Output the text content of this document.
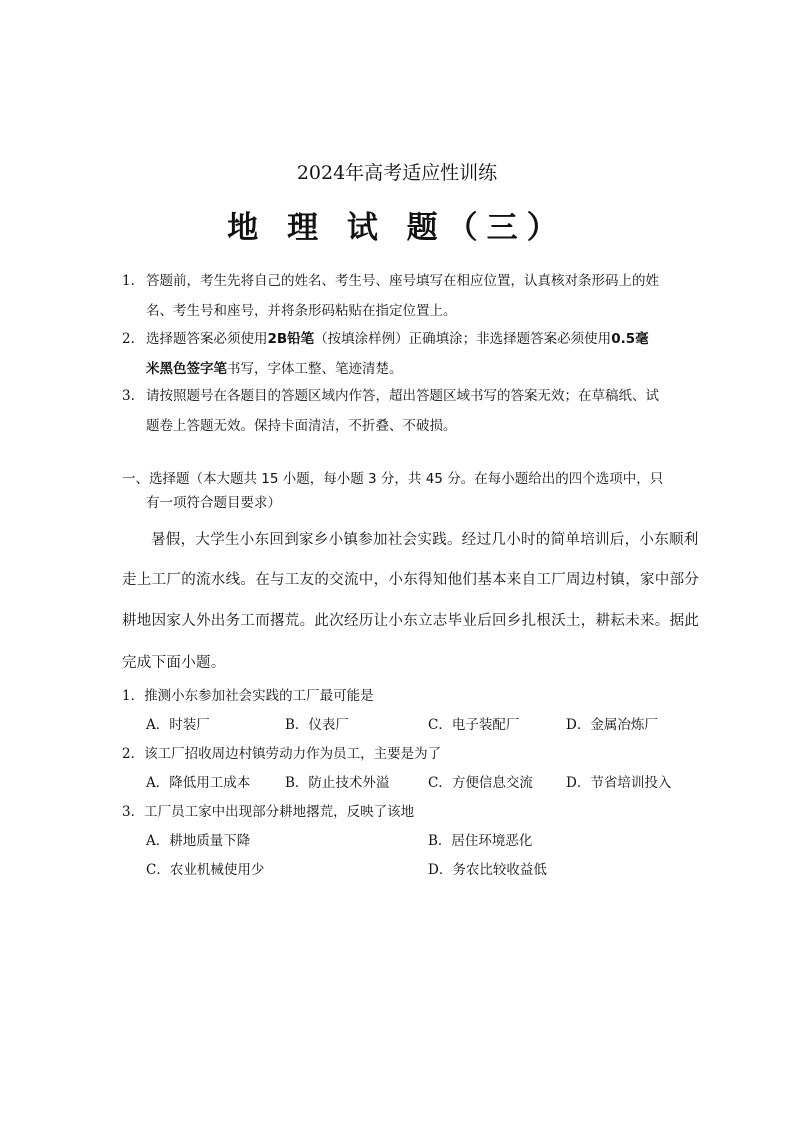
2024年高考适应性训练
地 理 试 题（三）
1. 答题前，考生先将自己的姓名、考生号、座号填写在相应位置，认真核对条形码上的姓
名、考生号和座号，并将条形码粘贴在指定位置上。
2. 选择题答案必须使用2B铅笔（按填涂样例）正确填涂；非选择题答案必须使用0.5毫
米黑色签字笔书写，字体工整、笔迹清楚。
3. 请按照题号在各题目的答题区域内作答，超出答题区域书写的答案无效；在草稿纸、试
题卷上答题无效。保持卡面清洁，不折叠、不破损。
一、选择题（本大题共 15 小题，每小题 3 分，共 45 分。在每小题给出的四个选项中，只
有一项符合题目要求）
暑假，大学生小东回到家乡小镇参加社会实践。经过几小时的简单培训后，小东顺利
走上工厂的流水线。在与工友的交流中，小东得知他们基本来自工厂周边村镇，家中部分
耕地因家人外出务工而撂荒。此次经历让小东立志毕业后回乡扎根沃土，耕耘未来。据此
完成下面小题。
1．推测小东参加社会实践的工厂最可能是
A．时装厂	B．仪表厂	C．电子装配厂	D．金属冶炼厂
2．该工厂招收周边村镇劳动力作为员工，主要是为了
A．降低用工成本	B．防止技术外溢	C．方便信息交流 D．节省培训投入
3．工厂员工家中出现部分耕地撂荒，反映了该地
A．耕地质量下降	B．居住环境恶化
C．农业机械使用少	D．务农比较收益低
